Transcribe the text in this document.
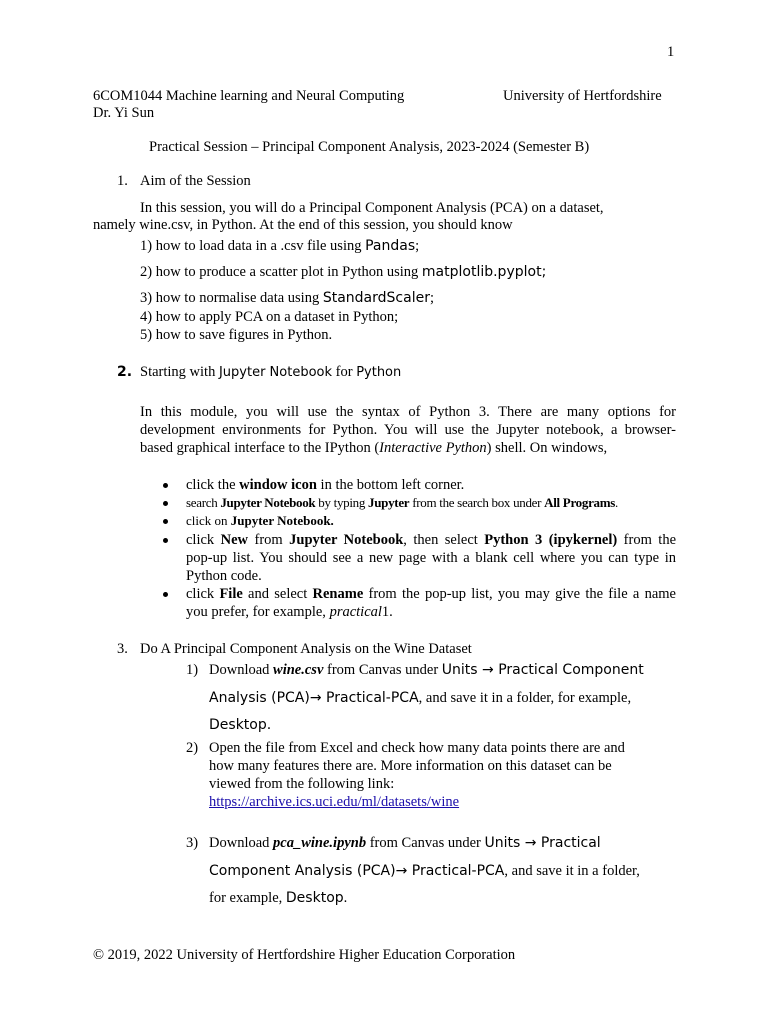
1
6COM1044 Machine learning and Neural Computing	University of Hertfordshire
Dr. Yi Sun
Practical Session – Principal Component Analysis, 2023-2024 (Semester B)
1. Aim of the Session
In this session, you will do a Principal Component Analysis (PCA) on a dataset,
namely wine.csv, in Python. At the end of this session, you should know
1) how to load data in a .csv file using Pandas;
2) how to produce a scatter plot in Python using matplotlib.pyplot;
3) how to normalise data using StandardScaler;
4) how to apply PCA on a dataset in Python;
5) how to save figures in Python.
2. Starting with Jupyter Notebook for Python
In this module, you will use the syntax of Python 3. There are many options for
development environments for Python. You will use the Jupyter notebook, a browser-
based graphical interface to the IPython (Interactive Python) shell. On windows,
click the window icon in the bottom left corner.
search Jupyter Notebook by typing Jupyter from the search box under All Programs.
click on Jupyter Notebook.
click New from Jupyter Notebook, then select Python 3 (ipykernel) from the
pop-up list. You should see a new page with a blank cell where you can type in
Python code.
click File and select Rename from the pop-up list, you may give the file a name
you prefer, for example, practical1.
3. Do A Principal Component Analysis on the Wine Dataset
1) Download wine.csv from Canvas under Units → Practical Component
Analysis (PCA)→ Practical-PCA, and save it in a folder, for example,
Desktop.
2) Open the file from Excel and check how many data points there are and
how many features there are. More information on this dataset can be
viewed from the following link:
https://archive.ics.uci.edu/ml/datasets/wine
3) Download pca_wine.ipynb from Canvas under Units → Practical
Component Analysis (PCA)→ Practical-PCA, and save it in a folder,
for example, Desktop.
© 2019, 2022 University of Hertfordshire Higher Education Corporation
